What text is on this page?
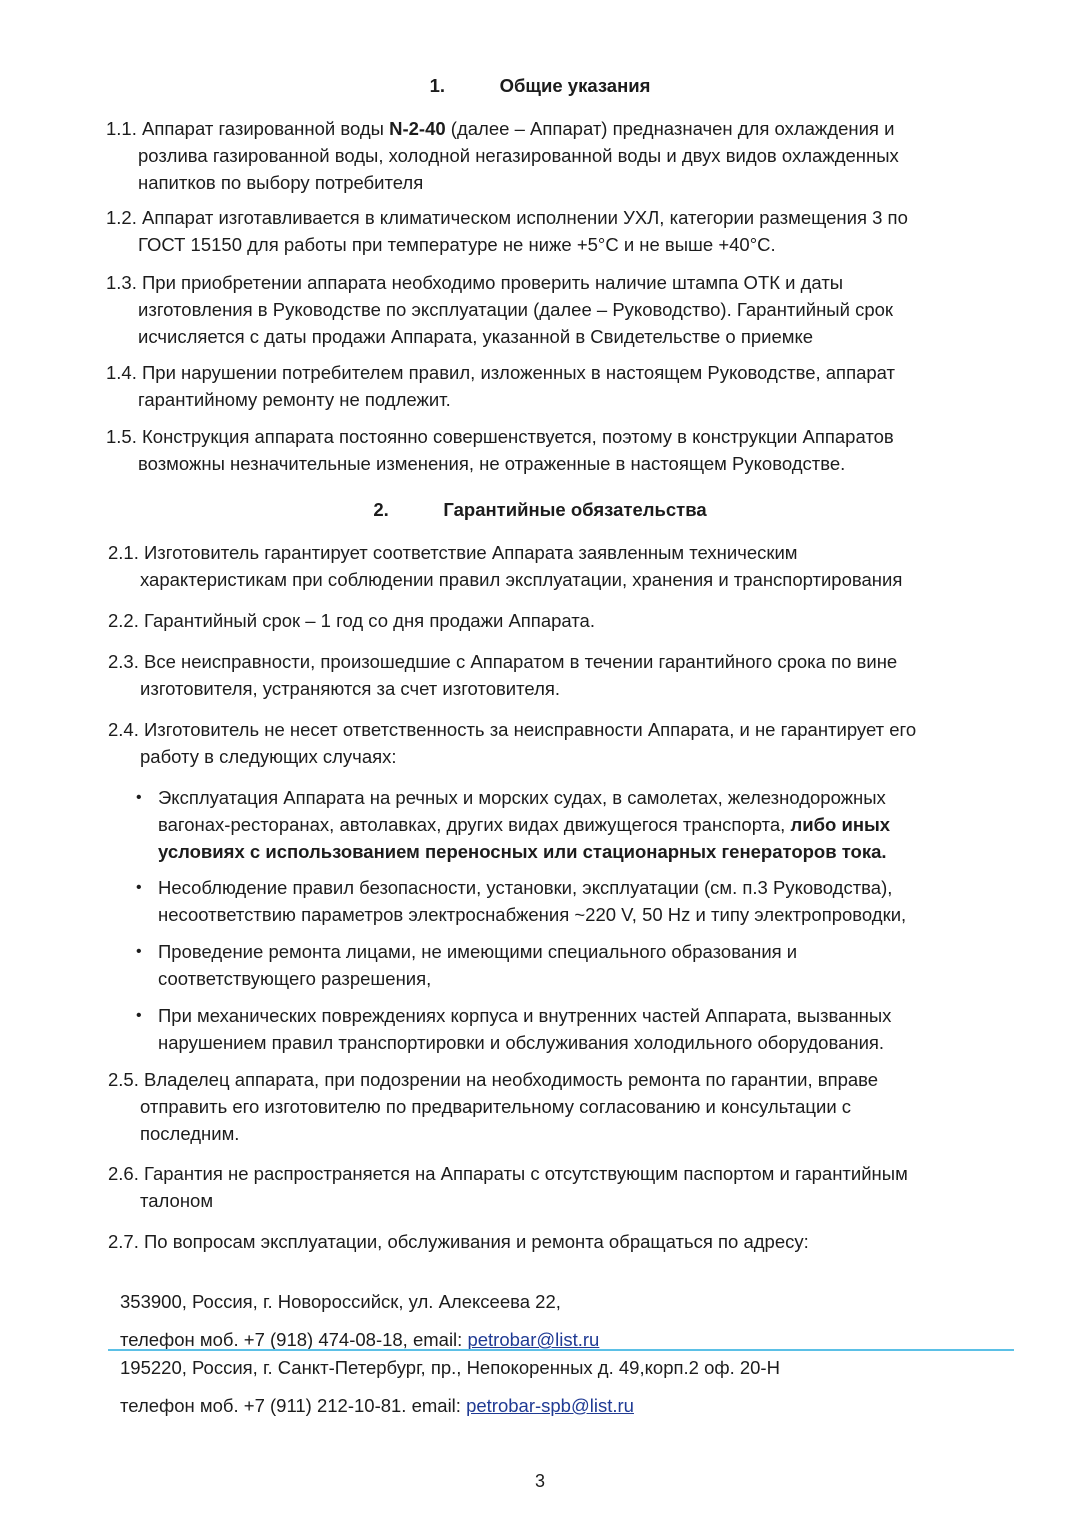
1.	Общие указания
1.1. Аппарат газированной воды N-2-40 (далее – Аппарат) предназначен для охлаждения и
розлива газированной воды, холодной негазированной воды и двух видов охлажденных
напитков по выбору потребителя
1.2. Аппарат изготавливается в климатическом исполнении УХЛ, категории размещения 3 по
ГОСТ 15150 для работы при температуре не ниже +5°С и не выше +40°С.
1.3. При приобретении аппарата необходимо проверить наличие штампа ОТК и даты
изготовления в Руководстве по эксплуатации (далее – Руководство). Гарантийный срок
исчисляется с даты продажи Аппарата, указанной в Свидетельстве о приемке
1.4. При нарушении потребителем правил, изложенных в настоящем Руководстве, аппарат
гарантийному ремонту не подлежит.
1.5. Конструкция аппарата постоянно совершенствуется, поэтому в конструкции Аппаратов
возможны незначительные изменения, не отраженные в настоящем Руководстве.
2.	Гарантийные обязательства
2.1. Изготовитель гарантирует соответствие Аппарата заявленным техническим
характеристикам при соблюдении правил эксплуатации, хранения и транспортирования
2.2. Гарантийный срок – 1 год со дня продажи Аппарата.
2.3. Все неисправности, произошедшие с Аппаратом в течении гарантийного срока по вине
изготовителя, устраняются за счет изготовителя.
2.4. Изготовитель не несет ответственность за неисправности Аппарата, и не гарантирует его
работу в следующих случаях:
• Эксплуатация Аппарата на речных и морских судах, в самолетах, железнодорожных
вагонах-ресторанах, автолавках, других видах движущегося транспорта, либо иных
условиях с использованием переносных или стационарных генераторов тока.
• Несоблюдение правил безопасности, установки, эксплуатации (см. п.3 Руководства),
несоответствию параметров электроснабжения ~220 V, 50 Hz и типу электропроводки,
• Проведение ремонта лицами, не имеющими специального образования и
соответствующего разрешения,
• При механических повреждениях корпуса и внутренних частей Аппарата, вызванных
нарушением правил транспортировки и обслуживания холодильного оборудования.
2.5. Владелец аппарата, при подозрении на необходимость ремонта по гарантии, вправе
отправить его изготовителю по предварительному согласованию и консультации с
последним.
2.6. Гарантия не распространяется на Аппараты с отсутствующим паспортом и гарантийным
талоном
2.7. По вопросам эксплуатации, обслуживания и ремонта обращаться по адресу:
353900, Россия, г. Новороссийск, ул. Алексеева 22,
телефон моб. +7 (918) 474-08-18, email: petrobar@list.ru
195220, Россия, г. Санкт-Петербург, пр., Непокоренных д. 49,корп.2 оф. 20-Н
телефон моб. +7 (911) 212-10-81. email: petrobar-spb@list.ru
3
